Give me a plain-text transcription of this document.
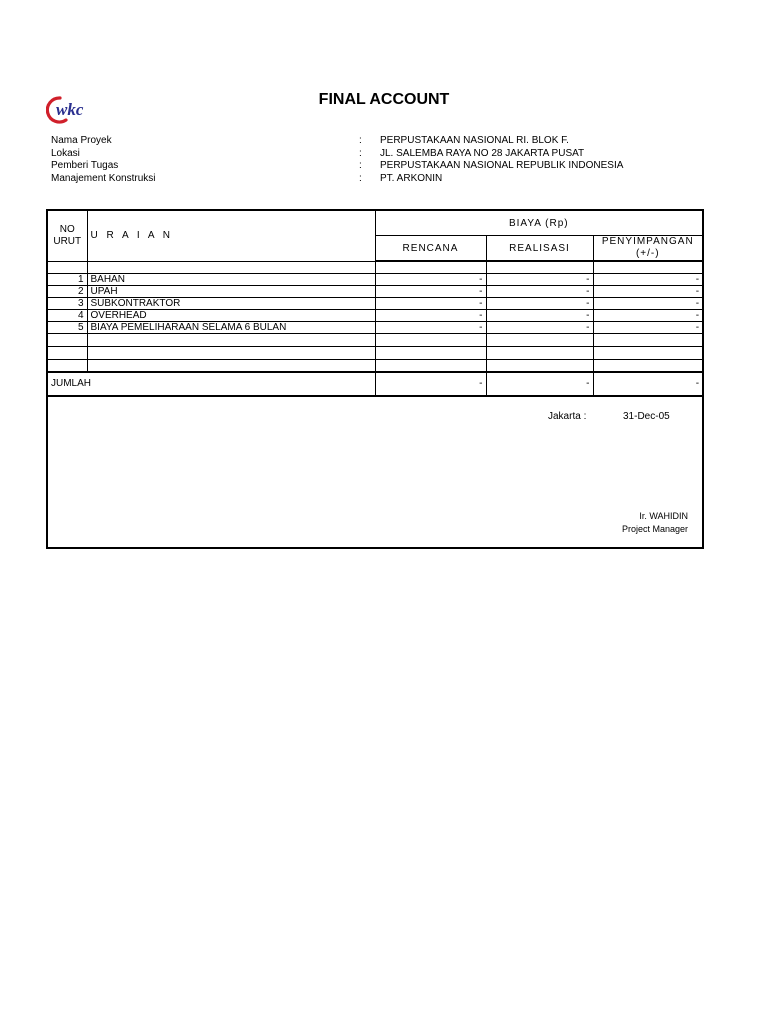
wkc
FINAL ACCOUNT
Nama Proyek	: PERPUSTAKAAN NASIONAL RI. BLOK F.
Lokasi	: JL. SALEMBA RAYA NO 28 JAKARTA PUSAT
Pemberi Tugas	: PERPUSTAKAAN NASIONAL REPUBLIK INDONESIA
Manajement Konstruksi	: PT. ARKONIN
NO
URUT	U R A I A N	BIAYA (Rp)		
		RENCANA	REALISASI	PENYIMPANGAN
(+/-)

1	BAHAN	-	-	-
2	UPAH	-	-	-
3	SUBKONTRAKTOR	-	-	-
4	OVERHEAD	-	-	-
5	BIAYA PEMELIHARAAN SELAMA 6 BULAN	-	-	-

JUMLAH		-	-	-
Jakarta :	31-Dec-05
Ir. WAHIDIN
Project Manager
